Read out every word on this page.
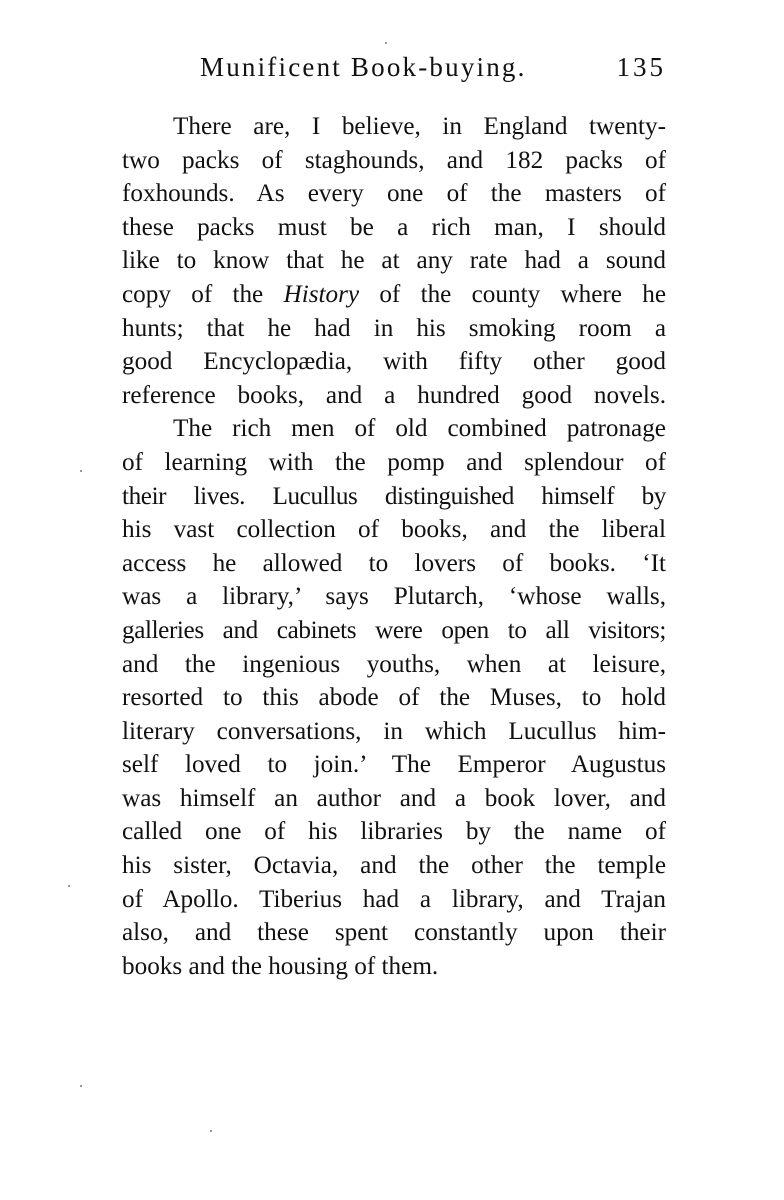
Munificent Book-buying.	135
There are, I believe, in England twenty-
two packs of staghounds, and 182 packs of
foxhounds. As every one of the masters of
these packs must be a rich man, I should
like to know that he at any rate had a sound
copy of the History of the county where he
hunts; that he had in his smoking room a
good Encyclopædia, with fifty other good
reference books, and a hundred good novels.
The rich men of old combined patronage
of learning with the pomp and splendour of
their lives. Lucullus distinguished himself by
his vast collection of books, and the liberal
access he allowed to lovers of books. ‘It
was a library,’ says Plutarch, ‘whose walls,
galleries and cabinets were open to all visitors;
and the ingenious youths, when at leisure,
resorted to this abode of the Muses, to hold
literary conversations, in which Lucullus him-
self loved to join.’ The Emperor Augustus
was himself an author and a book lover, and
called one of his libraries by the name of
his sister, Octavia, and the other the temple
of Apollo. Tiberius had a library, and Trajan
also, and these spent constantly upon their
books and the housing of them.
